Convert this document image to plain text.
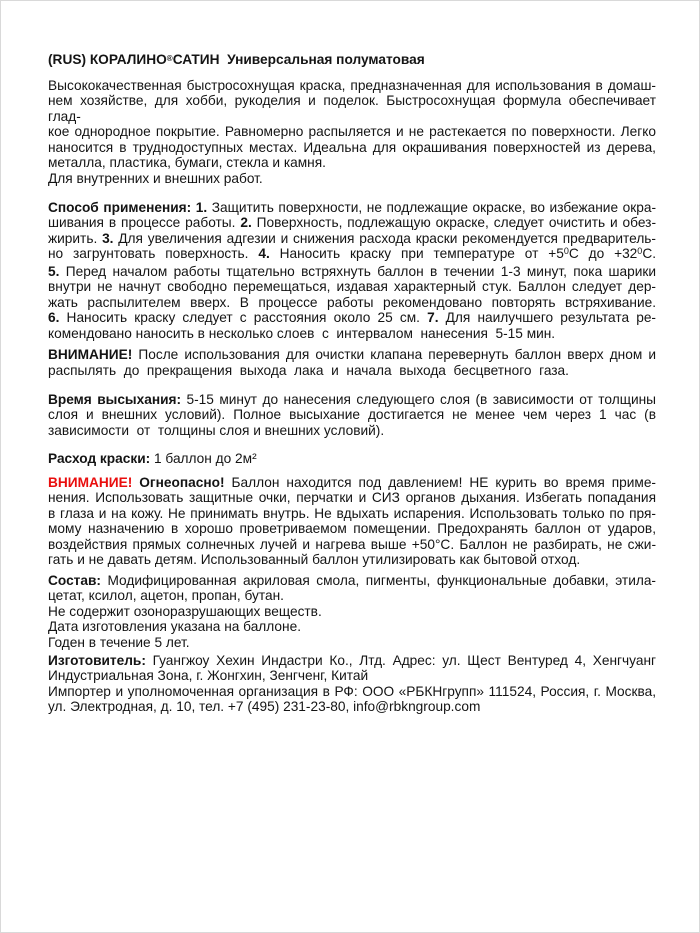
(RUS) КОРАЛИНО®САТИН  Универсальная полуматовая
Высококачественная быстросохнущая краска, предназначенная для использования в домаш-
нем хозяйстве, для хобби, рукоделия и поделок. Быстросохнущая формула обеспечивает глад-
кое однородное покрытие. Равномерно распыляется и не растекается по поверхности. Легко
наносится в труднодоступных местах. Идеальна для окрашивания поверхностей из дерева,
металла, пластика, бумаги, стекла и камня.
Для внутренних и внешних работ.
Способ применения: 1. Защитить поверхности, не подлежащие окраске, во избежание окра-
шивания в процессе работы. 2. Поверхность, подлежащую окраске, следует очистить и обез-
жирить. 3. Для увеличения адгезии и снижения расхода краски рекомендуется предваритель-
но загрунтовать поверхность. 4. Наносить краску при температуре от $+5^0С$ до $+32^0С$.
5. Перед началом работы тщательно встряхнуть баллон в течении 1-3 минут, пока шарики
внутри не начнут свободно перемещаться, издавая характерный стук. Баллон следует дер-
жать распылителем вверх. В процессе работы рекомендовано повторять встряхивание.
6. Наносить краску следует с расстояния около 25 см. 7. Для наилучшего результата ре-
комендовано наносить в несколько слоев  с  интервалом  нанесения  5-15 мин.
ВНИМАНИЕ! После использования для очистки клапана перевернуть баллон вверх дном и
распылять  до  прекращения  выхода  лака  и  начала  выхода  бесцветного  газа.
Время высыхания: 5-15 минут до нанесения следующего слоя (в зависимости от толщины
слоя и внешних условий). Полное высыхание достигается не менее чем через 1 час (в
зависимости  от  толщины слоя и внешних условий).
Расход краски: 1 баллон до 2м²
ВНИМАНИЕ! Огнеопасно! Баллон находится под давлением! НЕ курить во время приме-
нения. Использовать защитные очки, перчатки и СИЗ органов дыхания. Избегать попадания
в глаза и на кожу. Не принимать внутрь. Не вдыхать испарения. Использовать только по пря-
мому назначению в хорошо проветриваемом помещении. Предохранять баллон от ударов,
воздействия прямых солнечных лучей и нагрева выше +50°С. Баллон не разбирать, не сжи-
гать и не давать детям. Использованный баллон утилизировать как бытовой отход.
Состав: Модифицированная акриловая смола, пигменты, функциональные добавки, этила-
цетат, ксилол, ацетон, пропан, бутан.
Не содержит озоноразрушающих веществ.
Дата изготовления указана на баллоне.
Годен в течение 5 лет.
Изготовитель: Гуангжоу Хехин Индастри Ко., Лтд. Адрес: ул. Щест Вентуред 4, Хенгчуанг
Индустриальная Зона, г. Жонгхин, Зенгченг, Китай
Импортер и уполномоченная организация в РФ: ООО «РБКНгрупп» 111524, Россия, г. Москва,
ул. Электродная, д. 10, тел. +7 (495) 231-23-80, info@rbkngroup.com
